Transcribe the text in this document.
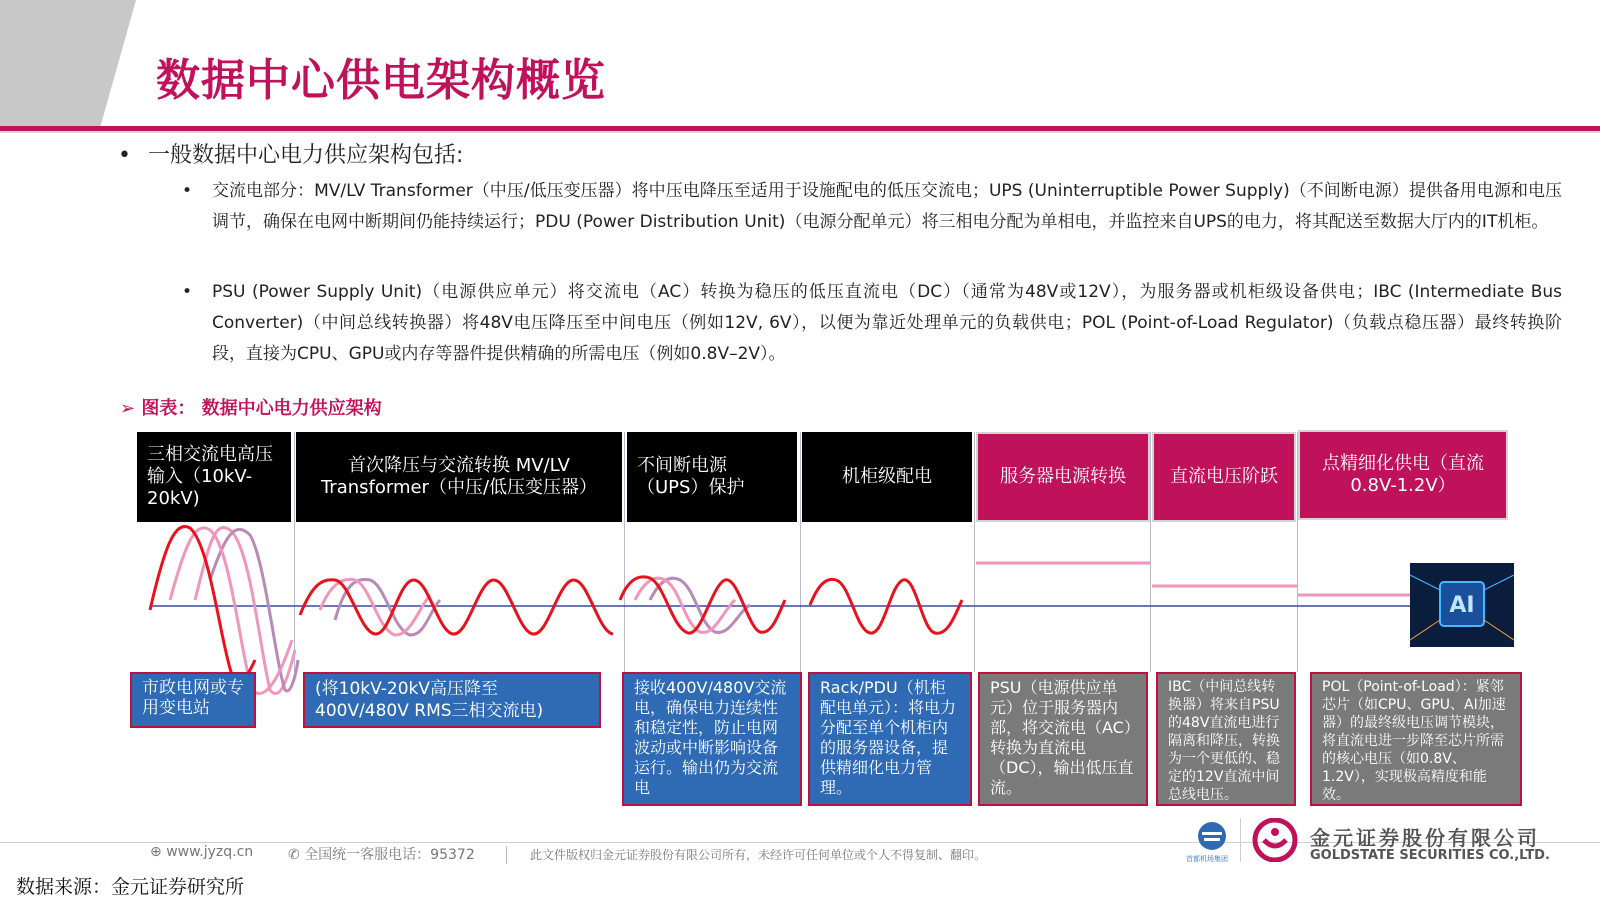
数据中心供电架构概览
• 一般数据中心电力供应架构包括:
• 交流电部分：MV/LV Transformer（中压/低压变压器）将中压电降压至适用于设施配电的低压交流电；UPS (Uninterruptible Power Supply)（不间断电源）提供备用电源和电压调节，确保在电网中断期间仍能持续运行；PDU (Power Distribution Unit)（电源分配单元）将三相电分配为单相电，并监控来自UPS的电力，将其配送至数据大厅内的IT机柜。
• PSU (Power Supply Unit)（电源供应单元）将交流电（AC）转换为稳压的低压直流电（DC）（通常为48V或12V），为服务器或机柜级设备供电；IBC (Intermediate Bus Converter)（中间总线转换器）将48V电压降压至中间电压（例如12V, 6V），以便为靠近处理单元的负载供电；POL (Point-of-Load Regulator)（负载点稳压器）最终转换阶段，直接为CPU、GPU或内存等器件提供精确的所需电压（例如0.8V–2V）。
➢ 图表： 数据中心电力供应架构
三相交流电高压输入（10kV-20kV)
首次降压与交流转换 MV/LV Transformer（中压/低压变压器）
不间断电源（UPS）保护
机柜级配电	服务器电源转换	直流电压阶跃
点精细化供电（直流0.8V-1.2V）
AI
市政电网或专用变电站
(将10kV-20kV高压降至400V/480V RMS三相交流电)
接收400V/480V交流电，确保电力连续性和稳定性，防止电网波动或中断影响设备运行。输出仍为交流电
Rack/PDU（机柜配电单元）：将电力分配至单个机柜内的服务器设备，提供精细化电力管理。
PSU（电源供应单元）位于服务器内部，将交流电（AC）转换为直流电（DC），输出低压直流。
IBC（中间总线转换器）将来自PSU的48V直流电进行隔离和降压，转换为一个更低的、稳定的12V直流中间总线电压。
POL（Point-of-Load）：紧邻芯片（如CPU、GPU、AI加速器）的最终级电压调节模块，将直流电进一步降至芯片所需的核心电压（如0.8V、1.2V），实现极高精度和能效。
⊕ www.jyzq.cn ✆ 全国统一客服电话：95372	此文件版权归金元证券股份有限公司所有，未经许可任何单位或个人不得复制、翻印。	首都机场集团
金元证券股份有限公司
GOLDSTATE SECURITIES CO.,LTD.
数据来源：金元证券研究所
